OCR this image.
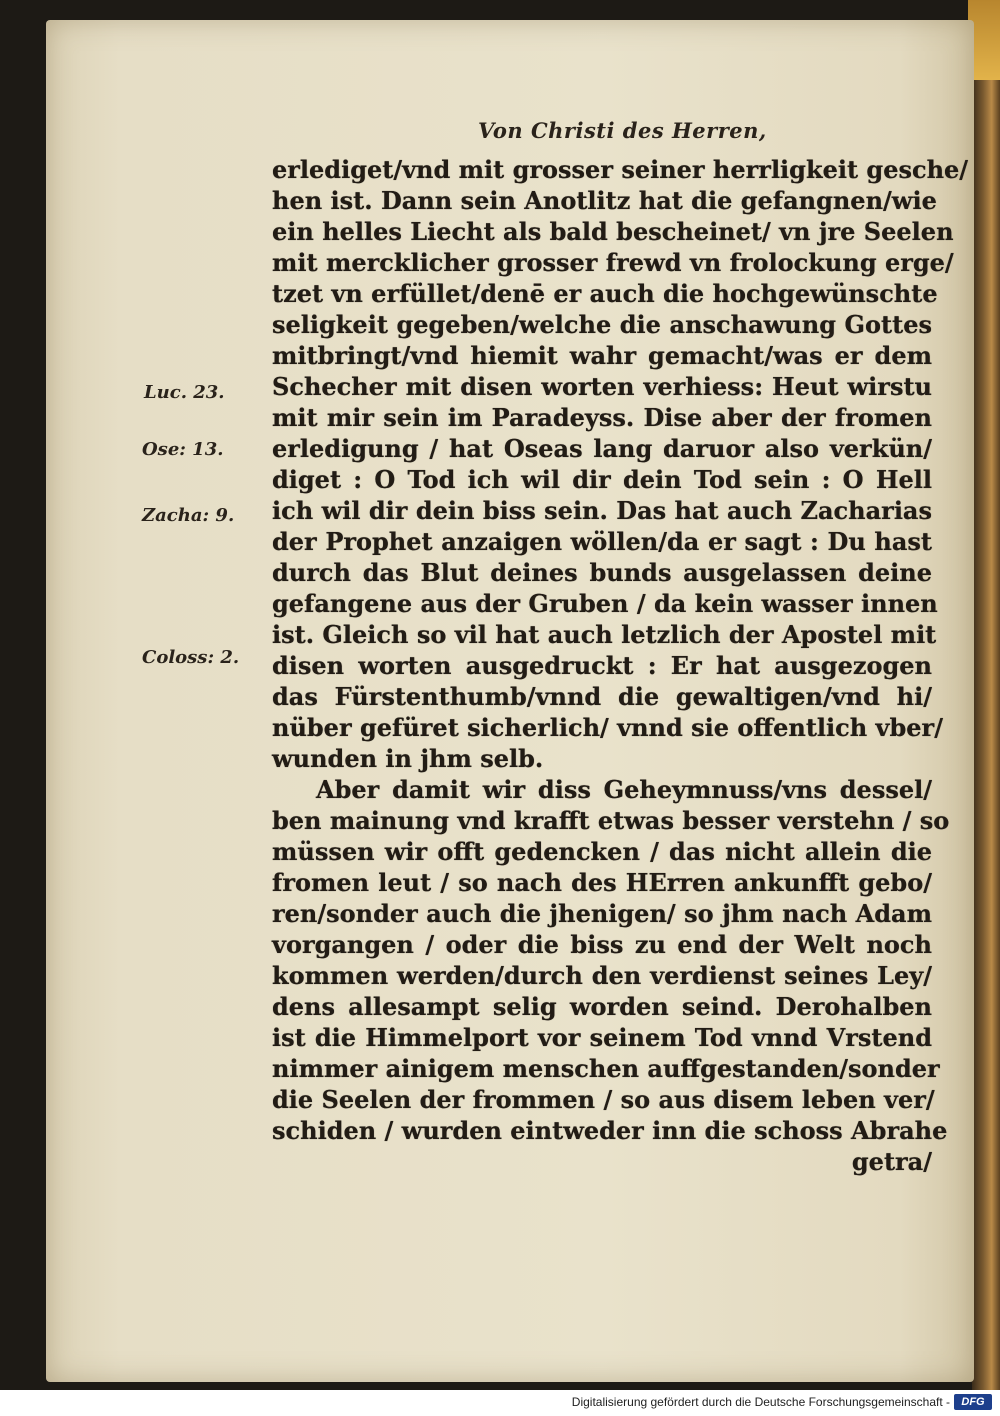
Von Christi des Herren,
Luc. 23.
Ose: 13.
Zacha: 9.
Coloss: 2.
erlediget/vnd mit grosser seiner herrligkeit gesche/
hen ist. Dann sein Anotlitz hat die gefangnen/wie
ein helles Liecht als bald bescheinet/ vn jre Seelen
mit mercklicher grosser frewd vn frolockung erge/
tzet vn erfüllet/denē er auch die hochgewünschte
seligkeit gegeben/welche die anschawung Gottes
mitbringt/vnd hiemit wahr gemacht/was er dem
Schecher mit disen worten verhiess: Heut wirstu
mit mir sein im Paradeyss. Dise aber der fromen
erledigung / hat Oseas lang daruor also verkün/
diget : O Tod ich wil dir dein Tod sein : O Hell
ich wil dir dein biss sein. Das hat auch Zacharias
der Prophet anzaigen wöllen/da er sagt : Du hast
durch das Blut deines bunds ausgelassen deine
gefangene aus der Gruben / da kein wasser innen
ist. Gleich so vil hat auch letzlich der Apostel mit
disen worten ausgedruckt : Er hat ausgezogen
das Fürstenthumb/vnnd die gewaltigen/vnd hi/
nüber gefüret sicherlich/ vnnd sie offentlich vber/
wunden in jhm selb.
Aber damit wir diss Geheymnuss/vns dessel/
ben mainung vnd krafft etwas besser verstehn / so
müssen wir offt gedencken / das nicht allein die
fromen leut / so nach des HErren ankunfft gebo/
ren/sonder auch die jhenigen/ so jhm nach Adam
vorgangen / oder die biss zu end der Welt noch
kommen werden/durch den verdienst seines Ley/
dens allesampt selig worden seind. Derohalben
ist die Himmelport vor seinem Tod vnnd Vrstend
nimmer ainigem menschen auffgestanden/sonder
die Seelen der frommen / so aus disem leben ver/
schiden / wurden eintweder inn die schoss Abrahe
getra/
Digitalisierung gefördert durch die Deutsche Forschungsgemeinschaft -	DFG
